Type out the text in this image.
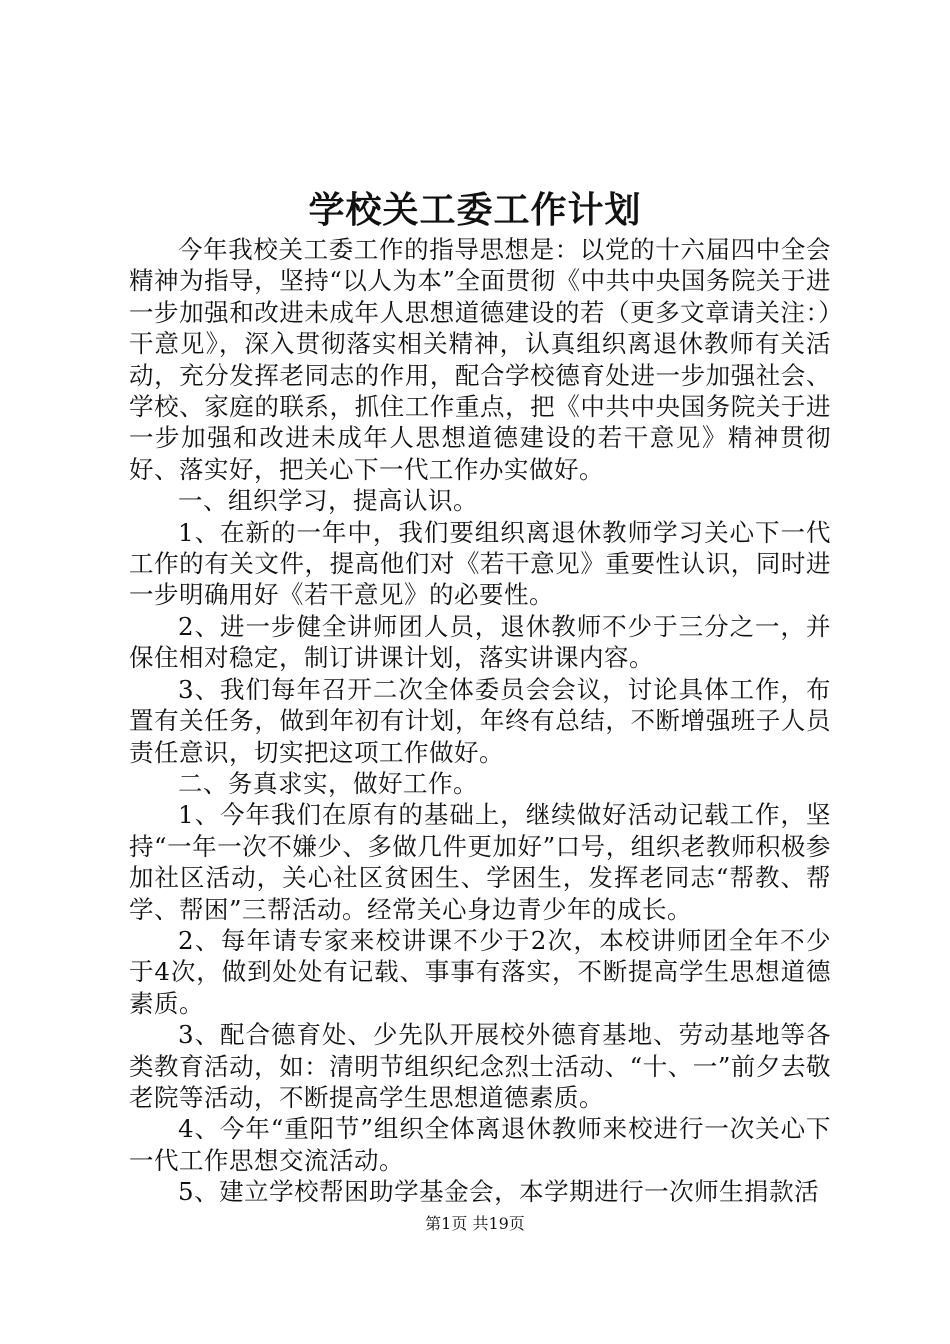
学校关工委工作计划

今年我校关工委工作的指导思想是：以党的十六届四中全会精神为指导，坚持“以人为本”全面贯彻《中共中央国务院关于进一步加强和改进未成年人思想道德建设的若（更多文章请关注：）干意见》，深入贯彻落实相关精神，认真组织离退休教师有关活动，充分发挥老同志的作用，配合学校德育处进一步加强社会、学校、家庭的联系，抓住工作重点，把《中共中央国务院关于进一步加强和改进未成年人思想道德建设的若干意见》精神贯彻好、落实好，把关心下一代工作办实做好。

一、组织学习，提高认识。

1、在新的一年中，我们要组织离退休教师学习关心下一代工作的有关文件，提高他们对《若干意见》重要性认识，同时进一步明确用好《若干意见》的必要性。

2、进一步健全讲师团人员，退休教师不少于三分之一，并保住相对稳定，制订讲课计划，落实讲课内容。

3、我们每年召开二次全体委员会会议，讨论具体工作，布置有关任务，做到年初有计划，年终有总结，不断增强班子人员责任意识，切实把这项工作做好。

二、务真求实，做好工作。

1、今年我们在原有的基础上，继续做好活动记载工作，坚持“一年一次不嫌少、多做几件更加好”口号，组织老教师积极参加社区活动，关心社区贫困生、学困生，发挥老同志“帮教、帮学、帮困”三帮活动。经常关心身边青少年的成长。

2、每年请专家来校讲课不少于2次，本校讲师团全年不少于4次，做到处处有记载、事事有落实，不断提高学生思想道德素质。

3、配合德育处、少先队开展校外德育基地、劳动基地等各类教育活动，如：清明节组织纪念烈士活动、“十、一”前夕去敬老院等活动，不断提高学生思想道德素质。

4、今年“重阳节”组织全体离退休教师来校进行一次关心下一代工作思想交流活动。

5、建立学校帮困助学基金会，本学期进行一次师生捐款活

第1页 共19页
